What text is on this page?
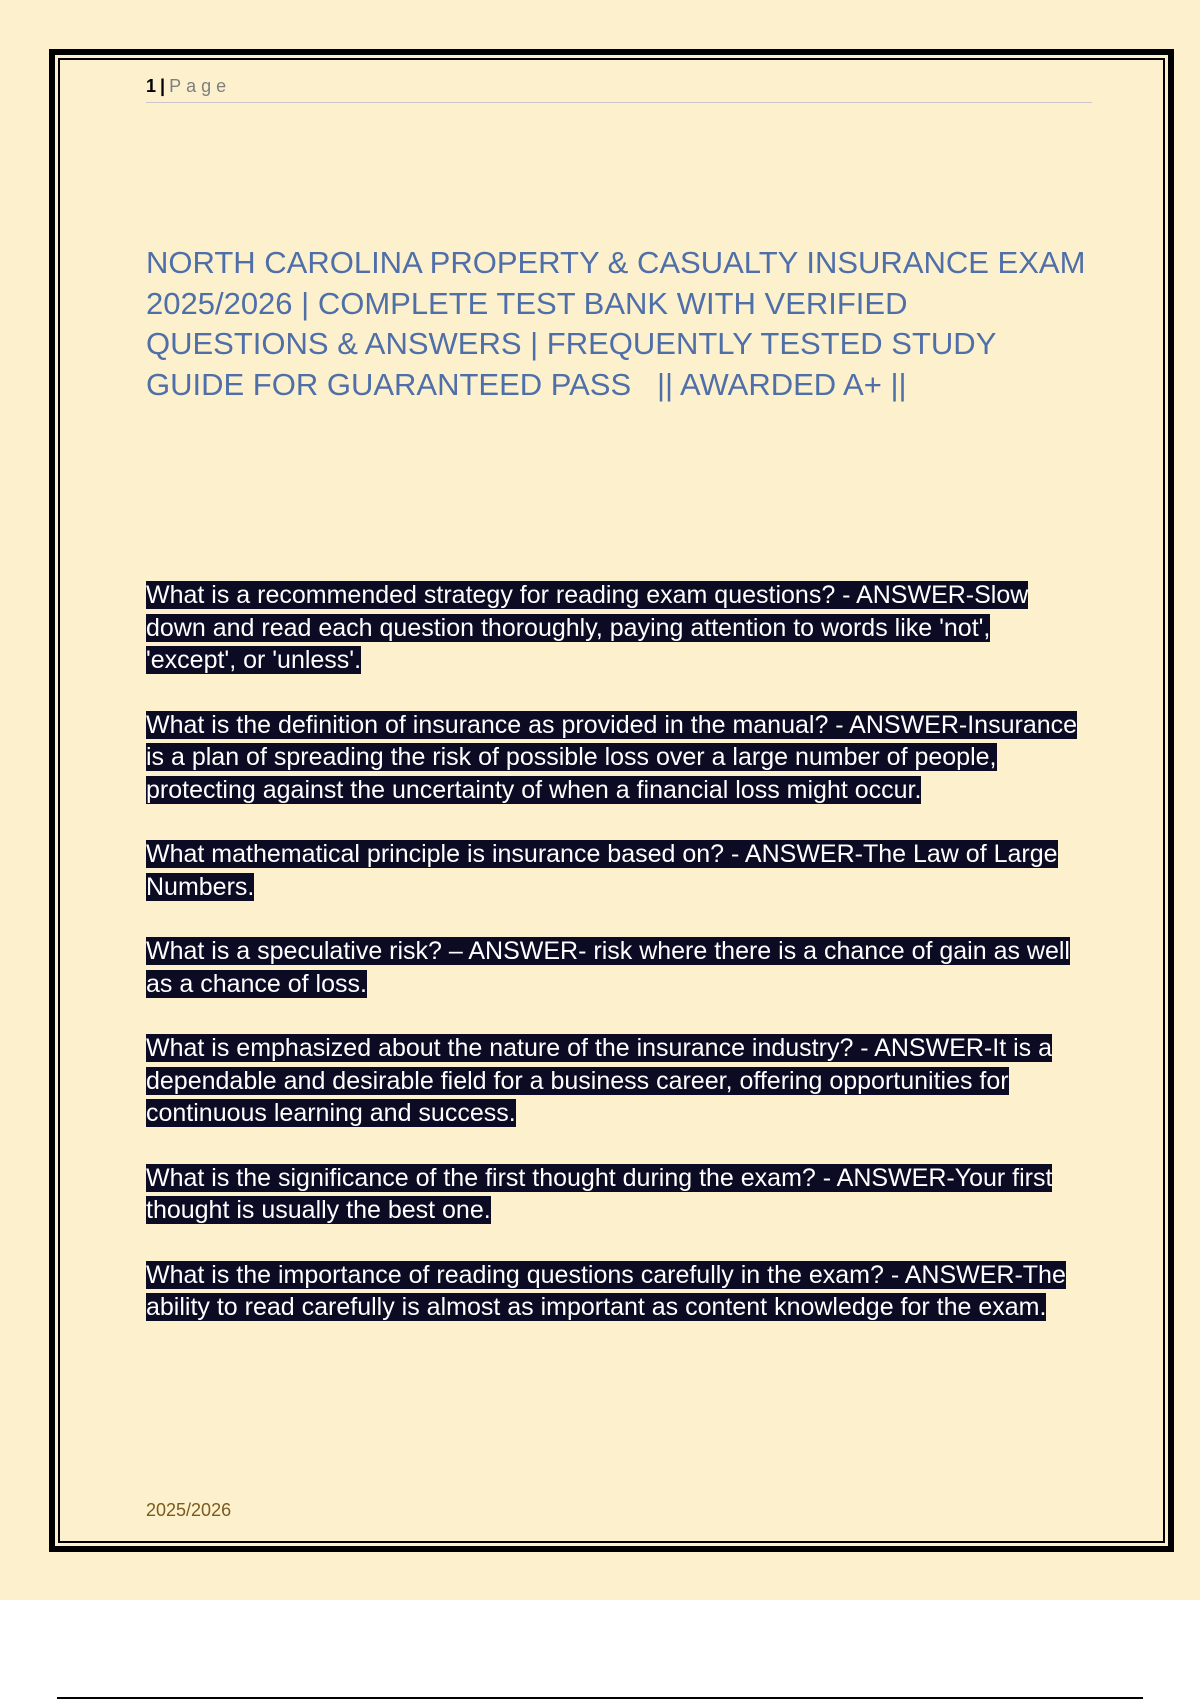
1 | Page
NORTH CAROLINA PROPERTY & CASUALTY INSURANCE EXAM 2025/2026 | COMPLETE TEST BANK WITH VERIFIED QUESTIONS & ANSWERS | FREQUENTLY TESTED STUDY GUIDE FOR GUARANTEED PASS   || AWARDED A+ ||

What is a recommended strategy for reading exam questions? - ANSWER-Slow down and read each question thoroughly, paying attention to words like 'not', 'except', or 'unless'.

What is the definition of insurance as provided in the manual? - ANSWER-Insurance is a plan of spreading the risk of possible loss over a large number of people, protecting against the uncertainty of when a financial loss might occur.

What mathematical principle is insurance based on? - ANSWER-The Law of Large Numbers.

What is a speculative risk? – ANSWER- risk where there is a chance of gain as well as a chance of loss.

What is emphasized about the nature of the insurance industry? - ANSWER-It is a dependable and desirable field for a business career, offering opportunities for continuous learning and success.

What is the significance of the first thought during the exam? - ANSWER-Your first thought is usually the best one.

What is the importance of reading questions carefully in the exam? - ANSWER-The ability to read carefully is almost as important as content knowledge for the exam.

2025/2026
